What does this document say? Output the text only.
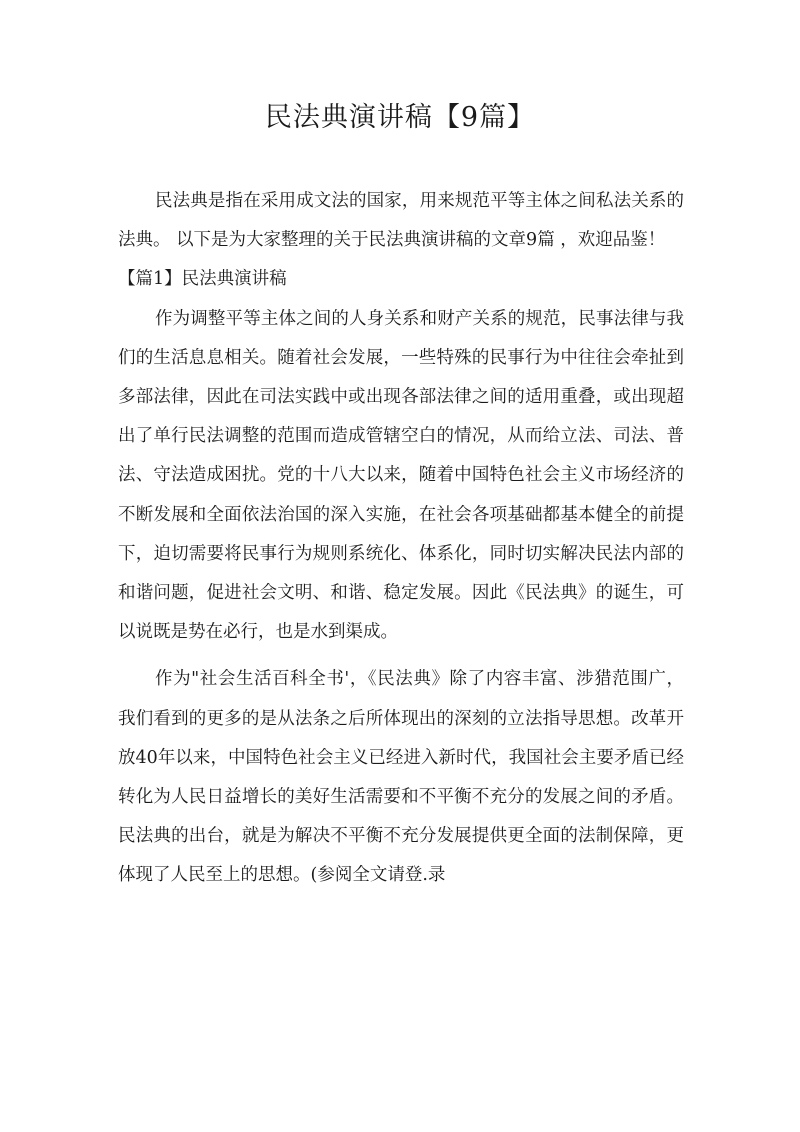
民法典演讲稿【9篇】

民法典是指在采用成文法的国家，用来规范平等主体之间私法关系的法典。 以下是为大家整理的关于民法典演讲稿的文章9篇 ，欢迎品鉴！

【篇1】民法典演讲稿

作为调整平等主体之间的人身关系和财产关系的规范，民事法律与我们的生活息息相关。随着社会发展，一些特殊的民事行为中往往会牵扯到多部法律，因此在司法实践中或出现各部法律之间的适用重叠，或出现超出了单行民法调整的范围而造成管辖空白的情况，从而给立法、司法、普法、守法造成困扰。党的十八大以来，随着中国特色社会主义市场经济的不断发展和全面依法治国的深入实施，在社会各项基础都基本健全的前提下，迫切需要将民事行为规则系统化、体系化，同时切实解决民法内部的和谐问题，促进社会文明、和谐、稳定发展。因此《民法典》的诞生，可以说既是势在必行，也是水到渠成。

作为"社会生活百科全书'，《民法典》除了内容丰富、涉猎范围广，我们看到的更多的是从法条之后所体现出的深刻的立法指导思想。改革开放40年以来，中国特色社会主义已经进入新时代，我国社会主要矛盾已经转化为人民日益增长的美好生活需要和不平衡不充分的发展之间的矛盾。民法典的出台，就是为解决不平衡不充分发展提供更全面的法制保障，更体现了人民至上的思想。(参阅全文请登.录
